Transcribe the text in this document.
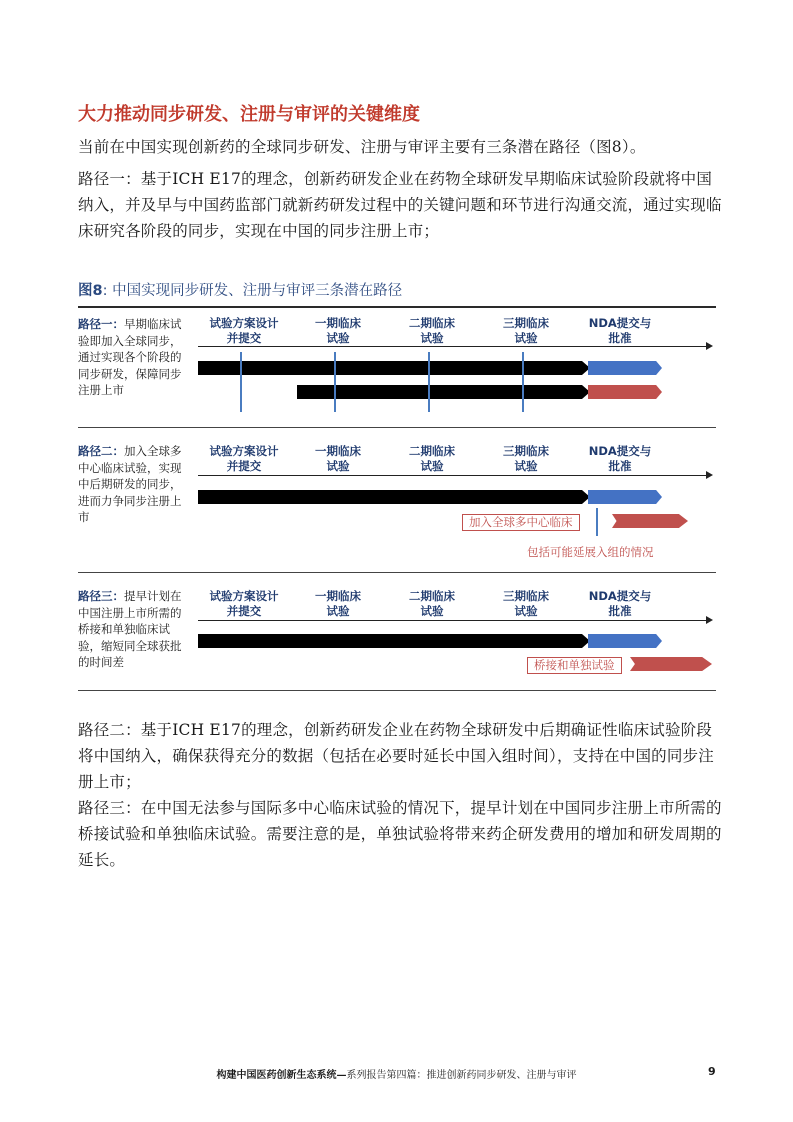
大力推动同步研发、注册与审评的关键维度
当前在中国实现创新药的全球同步研发、注册与审评主要有三条潜在路径（图8）。
路径一：基于ICH E17的理念，创新药研发企业在药物全球研发早期临床试验阶段就将中国纳入，并及早与中国药监部门就新药研发过程中的关键问题和环节进行沟通交流，通过实现临床研究各阶段的同步，实现在中国的同步注册上市；
图8: 中国实现同步研发、注册与审评三条潜在路径
路径一：早期临床试验即加入全球同步，通过实现各个阶段的同步研发，保障同步注册上市
试验方案设计
并提交
一期临床
试验
二期临床
试验
三期临床
试验
NDA提交与
批准
路径二：加入全球多中心临床试验，实现中后期研发的同步，进而力争同步注册上市
试验方案设计
并提交
一期临床
试验
二期临床
试验
三期临床
试验
NDA提交与
批准
加入全球多中心临床
包括可能延展入组的情况
路径三：提早计划在中国注册上市所需的桥接和单独临床试验，缩短同全球获批的时间差
试验方案设计
并提交
一期临床
试验
二期临床
试验
三期临床
试验
NDA提交与
批准
桥接和单独试验
路径二：基于ICH E17的理念，创新药研发企业在药物全球研发中后期确证性临床试验阶段将中国纳入，确保获得充分的数据（包括在必要时延长中国入组时间），支持在中国的同步注册上市；
路径三：在中国无法参与国际多中心临床试验的情况下，提早计划在中国同步注册上市所需的桥接试验和单独临床试验。需要注意的是，单独试验将带来药企研发费用的增加和研发周期的延长。
构建中国医药创新生态系统—系列报告第四篇：推进创新药同步研发、注册与审评	9
